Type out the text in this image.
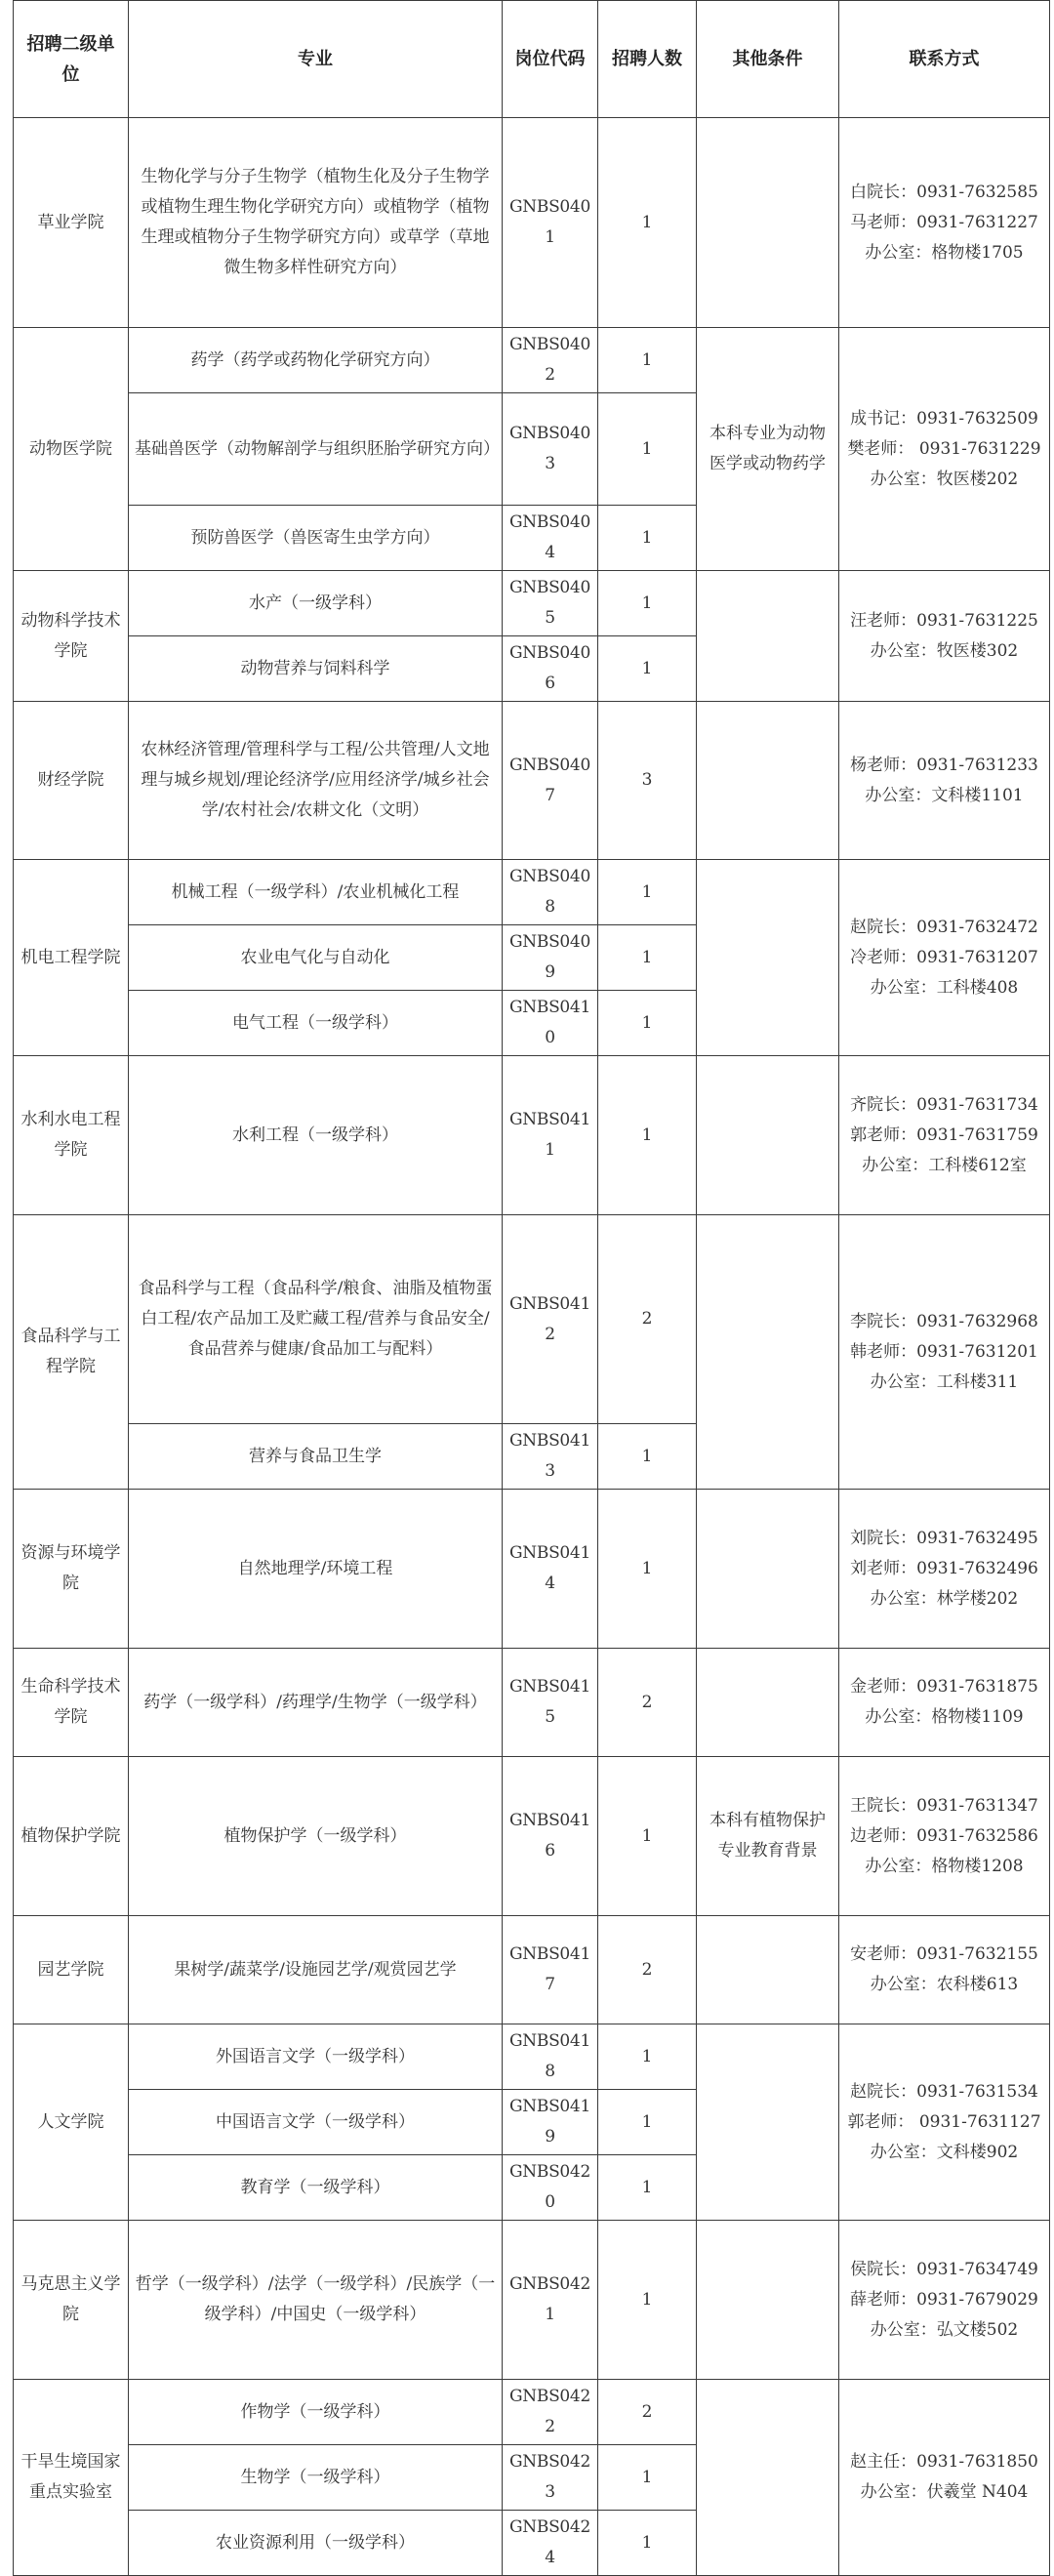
招聘二级单位	专业	岗位代码	招聘人数	其他条件	联系方式
草业学院	生物化学与分子生物学（植物生化及分子生物学或植物生理生物化学研究方向）或植物学（植物生理或植物分子生物学研究方向）或草学（草地微生物多样性研究方向）	GNBS0401	1		白院长：0931-7632585
马老师：0931-7631227
办公室：格物楼1705

动物医学院	药学（药学或药物化学研究方向）	GNBS0402	1	本科专业为动物医学或动物药学	成书记：0931-7632509
樊老师： 0931-7631229
办公室：牧医楼202

	基础兽医学（动物解剖学与组织胚胎学研究方向）	GNBS0403	1		
	预防兽医学（兽医寄生虫学方向）	GNBS0404	1		
动物科学技术学院	水产（一级学科）	GNBS0405	1		汪老师：0931-7631225
办公室：牧医楼302

	动物营养与饲料科学	GNBS0406	1		
财经学院	农林经济管理/管理科学与工程/公共管理/人文地理与城乡规划/理论经济学/应用经济学/城乡社会学/农村社会/农耕文化（文明）	GNBS0407	3		杨老师：0931-7631233
办公室：文科楼1101

机电工程学院	机械工程（一级学科）/农业机械化工程	GNBS0408	1		赵院长：0931-7632472
冷老师：0931-7631207
办公室：工科楼408

	农业电气化与自动化	GNBS0409	1		
	电气工程（一级学科）	GNBS0410	1		
水利水电工程学院	水利工程（一级学科）	GNBS0411	1		齐院长：0931-7631734
郭老师：0931-7631759
办公室：工科楼612室

食品科学与工程学院	食品科学与工程（食品科学/粮食、油脂及植物蛋白工程/农产品加工及贮藏工程/营养与食品安全/食品营养与健康/食品加工与配料）	GNBS0412	2		李院长：0931-7632968
韩老师：0931-7631201
办公室：工科楼311

	营养与食品卫生学	GNBS0413	1		
资源与环境学院	自然地理学/环境工程	GNBS0414	1		刘院长：0931-7632495
刘老师：0931-7632496
办公室：林学楼202

生命科学技术学院	药学（一级学科）/药理学/生物学（一级学科）	GNBS0415	2		金老师：0931-7631875
办公室：格物楼1109

植物保护学院	植物保护学（一级学科）	GNBS0416	1	本科有植物保护专业教育背景	王院长：0931-7631347
边老师：0931-7632586
办公室：格物楼1208

园艺学院	果树学/蔬菜学/设施园艺学/观赏园艺学	GNBS0417	2		安老师：0931-7632155
办公室：农科楼613

人文学院	外国语言文学（一级学科）	GNBS0418	1		赵院长：0931-7631534
郭老师： 0931-7631127
办公室：文科楼902

	中国语言文学（一级学科）	GNBS0419	1		
	教育学（一级学科）	GNBS0420	1		
马克思主义学院	哲学（一级学科）/法学（一级学科）/民族学（一级学科）/中国史（一级学科）	GNBS0421	1		侯院长：0931-7634749
薛老师：0931-7679029
办公室：弘文楼502

干旱生境国家重点实验室	作物学（一级学科）	GNBS0422	2		赵主任：0931-7631850
办公室：伏羲堂 N404

	生物学（一级学科）	GNBS0423	1		
	农业资源利用（一级学科）	GNBS0424	1		
